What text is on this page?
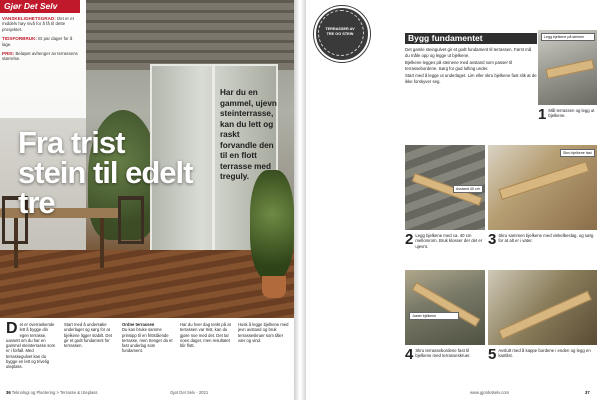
Gjør Det Selv
VANSKELIGHETSGRAD: Det er et middels høy nivå for å få til dette prosjektet.
TIDSFORBRUK: Et par dager for å lage.
PRIS: Beløpet avhenger av terrassens størrelse.
Fra trist stein til edelt tre
Har du en gammel, ujevn steinterrasse, kan du lett og raskt forvandle den til en flott terrasse med treguly.
D et er overraskende lett å bygge din egen terrasse, uansett om du har en gammel steinterrasse som er i forfall. Med terrassegulvet kan du bygge en lett og trivelig uteplass.
Start med å undersøke underlaget og sørg for at bjelkene ligger stabilt. Det gir et godt fundament for terrassen.
Ordne terrassen
Du kan bruke samme prinsipp til en frittstående terrasse, men trenger da et fast underlag som fundament.
Har du hver dag tenkt på at terrassen var trist, kan du gjøre noe med det. Det tar noen dager, men resultatet blir flott.
Husk å legge bjelkene med jevn avstand og bruk terrasseskruer som tåler vær og vind.
36 Teknologi og Plantering > Terrasse & Uteplass	Gjør Det Selv · 2021
TERRASSER AV TRE OG STEIN	Bygg fundamentet

Det gamle steingulvet gir et godt fundament til terrassen. Først må du måle opp og legge ut bjelkene.

Bjelkene legges på steinene med avstand som passer til terrassebordene. Sørg for god lufting under.

Start med å legge ut underlaget. Lim eller skru bjelkene fast slik at de ikke forskyver seg.

Legg bjelkene på steinen
Avstand 40 cm
Skru bjelkene fast
Juster bjelkene
1 Mål terrassen og legg ut bjelkene.
2 Legg bjelkene med ca. 40 cm mellomrom. Bruk klosser der det er ujevnt.	3 Skru sammen bjelkene med vinkelbeslag, og sørg for at alt er i vater.
4 Skru terrassebordene fast til bjelkene med terrasseskruer.	5 Avslutt med å kappe bordene i enden og legg en kantlist.
www.gjordetselv.com	37
